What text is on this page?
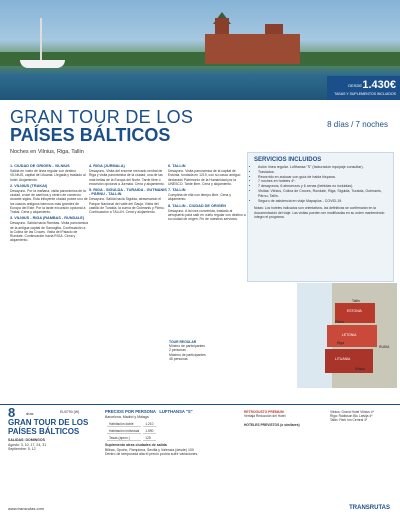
DESDE 1.430€
TASAS Y SUPLEMENTOS INCLUIDOS
GRAN TOUR DE LOS
PAÍSES BÁLTICOS
8 días / 7 noches
Noches en Vilnius, Riga, Tallin
1. CIUDAD DE ORIGEN - VILNIUS

Salida en vuelo de línea regular con destino VILNIUS, capital de Lituania. Llegada y traslado al hotel. Alojamiento.

2. VILNIUS (TRAKAI)

Desayuno. Por la mañana, visita panorámica de la ciudad, cruce de caminos y centro de comercio durante siglos. Esta influyente ciudad posee uno de los cascos antiguos barrocos más grandes de Europa del Este. Por la tarde excursión opcional a Trakai. Cena y alojamiento.

3. VILNIUS - RIGA (RAMBAS - RUNDALE)

Desayuno. Salida hacia Rambas. Visita panorámica de la antigua capital de Samogitia. Continuación a la Colina de las Cruces. Visita del Palacio de Rundale. Continuación hacia RIGA. Cena y alojamiento.

4. RIGA (JURMALA)

Desayuno. Visita del enorme mercado central de Riga y visita panorámica de la ciudad, una de las más bellas de la Europa del Norte. Tarde libre o excursión opcional a Jurmala. Cena y alojamiento.

5. RIGA - SIGULDA - TURAIDA - GUTMANIS - PÄRNU - TALLIN

Desayuno. Salida hacia Sigulda, atravesando el Parque Nacional del valle del Gauja. Visita del castillo de Turaida, la cueva de Gutmanis y Pärnu. Continuación a TALLIN. Cena y alojamiento.

6. TALLIN

Desayuno. Visita panorámica de la capital de Estonia, fundada en 1219, con su casco antiguo declarado Patrimonio de la Humanidad por la UNESCO. Tarde libre. Cena y alojamiento.

7. TALLIN

Completa de ella con tiempo libre. Cena y alojamiento.

8. TALLIN - CIUDAD DE ORIGEN

Desayuno. A la hora convenida, traslado al aeropuerto para salir en vuelo regular con destino a su ciudad de origen. Fin de nuestros servicios.

SERVICIOS INCLUIDOS
• Avión línea regular. Lufthansa "S" (facturación equipaje consultar).
• Traslados.
• Recorrido en autocar con guía de habla hispana.
• 7 noches en hoteles 4*.
• 7 desayunos, 6 almuerzos y 6 cenas (bebidas no incluidas).
• Visitas: Vilnius, Colina de Cruces, Rundale, Riga, Sigulda, Turaida, Gutmanis, Pärnu, Tallin.
• Seguro de asistencia en viaje Mapaplus - COVID-19.
Notas: Los hoteles indicados son orientativos, las definitivas se confirmarán en la documentación del viaje. Las visitas pueden ser modificadas en su orden manteniendo íntegro el programa.
TOUR REGULAR
Mínimo de participantes
2 personas
Máximo de participantes
45 personas
ESTONIA
LETONIA
LITUANIA
RUSIA
Tallin
Pärnu
Riga
Vilnius
8	días	EU0790 (W)
GRAN TOUR DE LOS PAÍSES BÁLTICOS
SALIDAS: DOMINGOS
Agosto: 3, 10, 17, 24, 31
Septiembre: 5, 12
PRECIOS POR PERSONA LUFTHANSA "S"
Barcelona, Madrid y Málaga
Habitación doble	1.210
Habitación individual	1.590
Tasas (aprox.)	125
Suplemento otras ciudades de salida
Bilbao, Oporto, Pamplona, Sevilla y Valencia (desde) 100
Dentro de temporada alta el precio podría sufrir variaciones.
RETROGUSTO PREMIUM
Ventaja Reducción del Hotel

HOTELES PREVISTOS (o similares)
Vilnius: Grand Hotel Vilnius 4*
Riga: Radisson Blu Latvija 4*
Tallin: Park Inn Central 4*
www.transrutas.com	TRANSRUTAS
